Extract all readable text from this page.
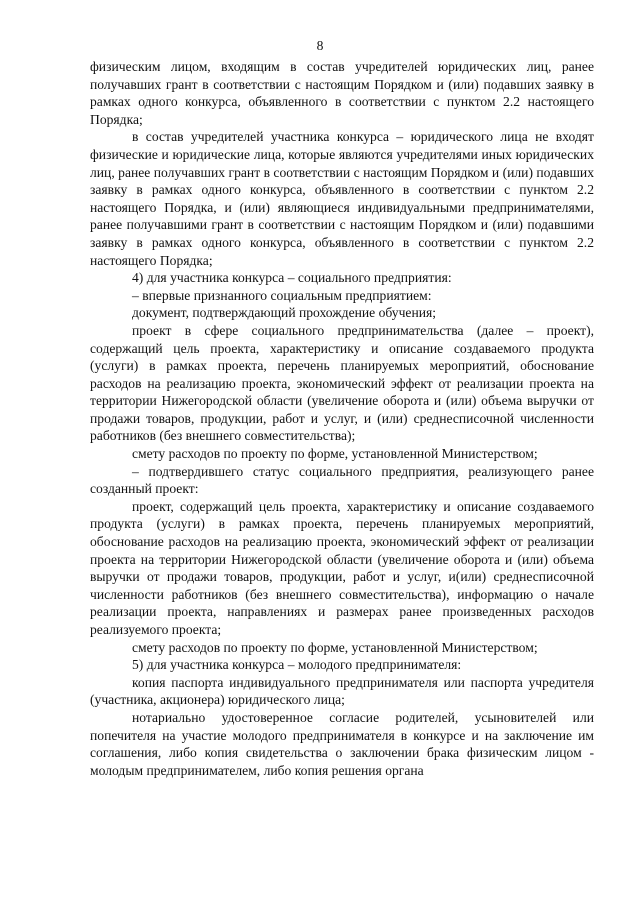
8

физическим лицом, входящим в состав учредителей юридических лиц, ранее получавших грант в соответствии с настоящим Порядком и (или) подавших заявку в рамках одного конкурса, объявленного в соответствии с пунктом 2.2 настоящего Порядка;

в состав учредителей участника конкурса – юридического лица не входят физические и юридические лица, которые являются учредителями иных юридических лиц, ранее получавших грант в соответствии с настоящим Порядком и (или) подавших заявку в рамках одного конкурса, объявленного в соответствии с пунктом 2.2 настоящего Порядка, и (или) являющиеся индивидуальными предпринимателями, ранее получавшими грант в соответствии с настоящим Порядком и (или) подавшими заявку в рамках одного конкурса, объявленного в соответствии с пунктом 2.2 настоящего Порядка;

4) для участника конкурса – социального предприятия:

– впервые признанного социальным предприятием:

документ, подтверждающий прохождение обучения;

проект в сфере социального предпринимательства (далее – проект), содержащий цель проекта, характеристику и описание создаваемого продукта (услуги) в рамках проекта, перечень планируемых мероприятий, обоснование расходов на реализацию проекта, экономический эффект от реализации проекта на территории Нижегородской области (увеличение оборота и (или) объема выручки от продажи товаров, продукции, работ и услуг, и (или) среднесписочной численности работников (без внешнего совместительства);

смету расходов по проекту по форме, установленной Министерством;

– подтвердившего статус социального предприятия, реализующего ранее созданный проект:

проект, содержащий цель проекта, характеристику и описание создаваемого продукта (услуги) в рамках проекта, перечень планируемых мероприятий, обоснование расходов на реализацию проекта, экономический эффект от реализации проекта на территории Нижегородской области (увеличение оборота и (или) объема выручки от продажи товаров, продукции, работ и услуг, и(или) среднесписочной численности работников (без внешнего совместительства), информацию о начале реализации проекта, направлениях и размерах ранее произведенных расходов реализуемого проекта;

смету расходов по проекту по форме, установленной Министерством;

5) для участника конкурса – молодого предпринимателя:

копия паспорта индивидуального предпринимателя или паспорта учредителя (участника, акционера) юридического лица;

нотариально удостоверенное согласие родителей, усыновителей или попечителя на участие молодого предпринимателя в конкурсе и на заключение им соглашения, либо копия свидетельства о заключении брака физическим лицом - молодым предпринимателем, либо копия решения органа
